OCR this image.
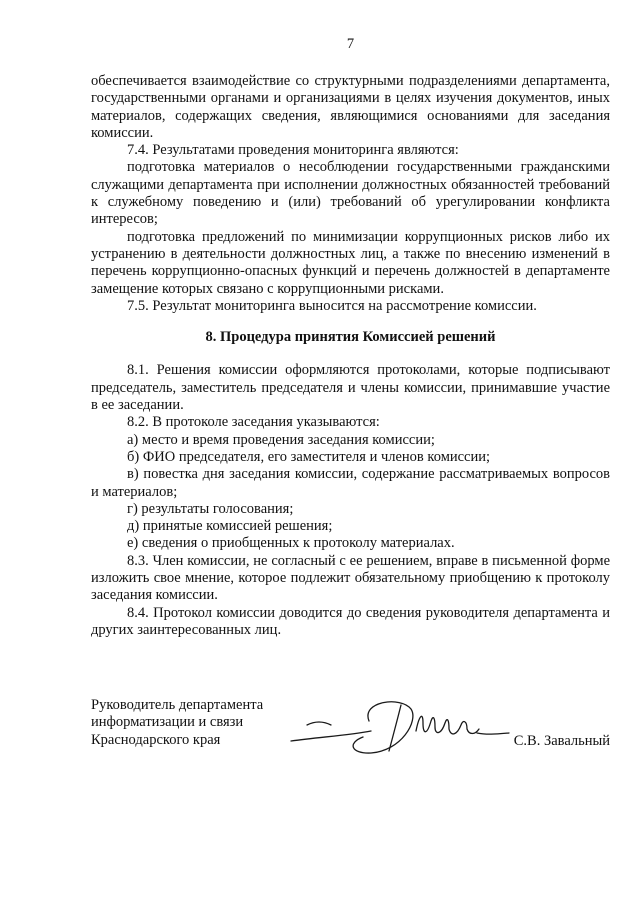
7

обеспечивается взаимодействие со структурными подразделениями департамента, государственными органами и организациями в целях изучения документов, иных материалов, содержащих сведения, являющимися основаниями для заседания комиссии.

7.4. Результатами проведения мониторинга являются:

подготовка материалов о несоблюдении государственными гражданскими служащими департамента при исполнении должностных обязанностей требований к служебному поведению и (или) требований об урегулировании конфликта интересов;

подготовка предложений по минимизации коррупционных рисков либо их устранению в деятельности должностных лиц, а также по внесению изменений в перечень коррупционно-опасных функций и перечень должностей в департаменте замещение которых связано с коррупционными рисками.

7.5. Результат мониторинга выносится на рассмотрение комиссии.

8. Процедура принятия Комиссией решений

8.1. Решения комиссии оформляются протоколами, которые подписывают председатель, заместитель председателя и члены комиссии, принимавшие участие в ее заседании.

8.2. В протоколе заседания указываются:

а) место и время проведения заседания комиссии;

б) ФИО председателя, его заместителя и членов комиссии;

в) повестка дня заседания комиссии, содержание рассматриваемых вопросов и материалов;

г) результаты голосования;

д) принятые комиссией решения;

е) сведения о приобщенных к протоколу материалах.

8.3. Член комиссии, не согласный с ее решением, вправе в письменной форме изложить свое мнение, которое подлежит обязательному приобщению к протоколу заседания комиссии.

8.4. Протокол комиссии доводится до сведения руководителя департамента и других заинтересованных лиц.

Руководитель департамента

информатизации и связи

Краснодарского края	С.В. Завальный
